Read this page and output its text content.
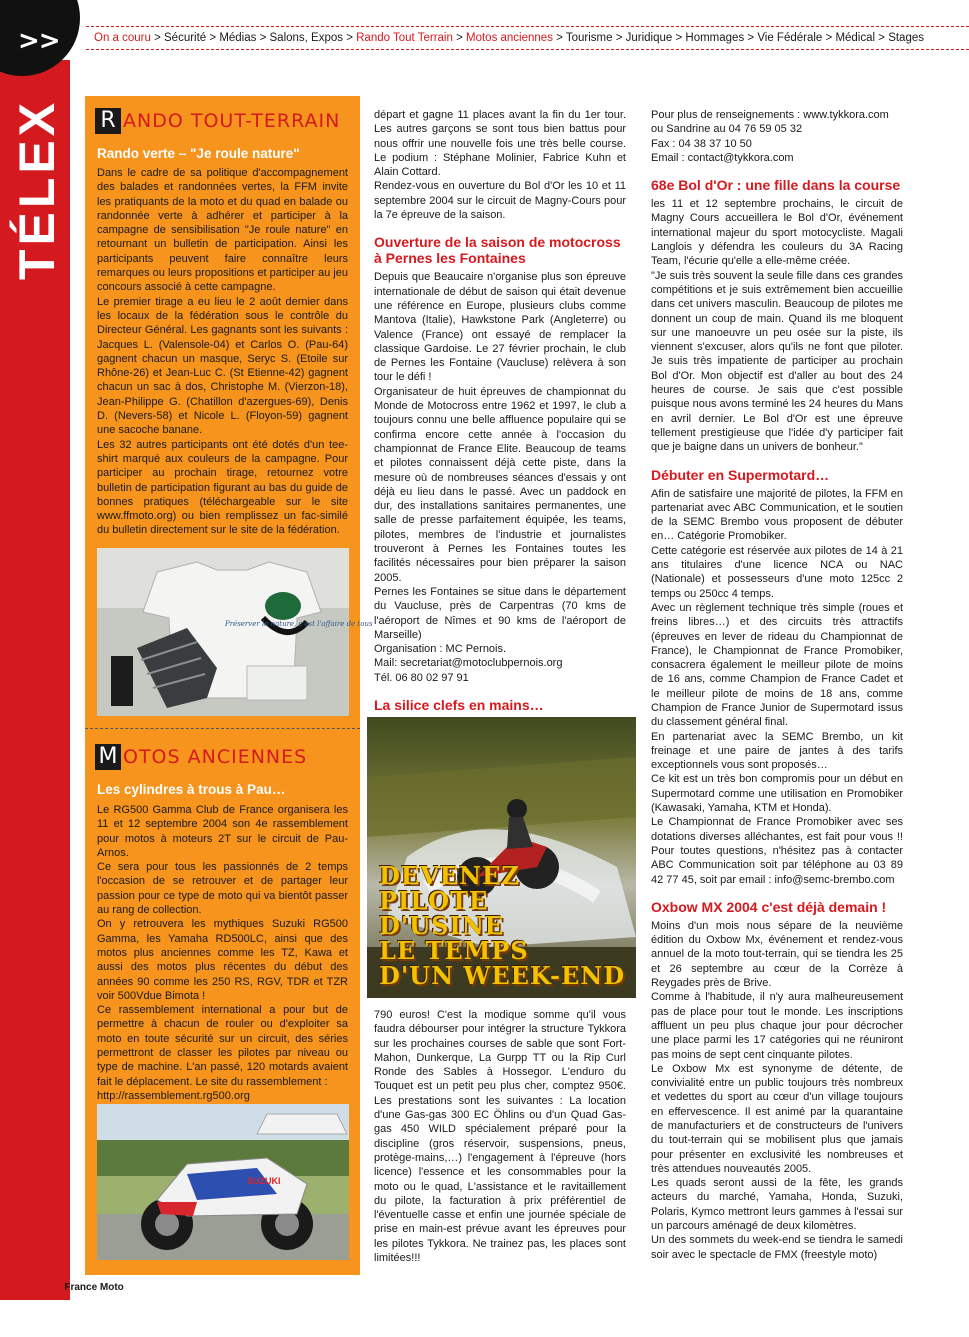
>>
TÉLEX
On a couru > Sécurité > Médias > Salons, Expos > Rando Tout Terrain > Motos anciennes > Tourisme > Juridique > Hommages > Vie Fédérale > Médical > Stages
R ANDO TOUT-TERRAIN
Rando verte – "Je roule nature"

Dans le cadre de sa politique d'accompagnement des balades et randonnées vertes, la FFM invite les pratiquants de la moto et du quad en balade ou randonnée verte à adhérer et participer à la campagne de sensibilisation "Je roule nature" en retournant un bulletin de participation. Ainsi les participants peuvent faire connaître leurs remarques ou leurs propositions et participer au jeu concours associé à cette campagne.

Le premier tirage a eu lieu le 2 août dernier dans les locaux de la fédération sous le contrôle du Directeur Général. Les gagnants sont les suivants : Jacques L. (Valensole-04) et Carlos O. (Pau-64) gagnent chacun un masque, Seryc S. (Etoile sur Rhône-26) et Jean-Luc C. (St Etienne-42) gagnent chacun un sac à dos, Christophe M. (Vierzon-18), Jean-Philippe G. (Chatillon d'azergues-69), Denis D. (Nevers-58) et Nicole L. (Floyon-59) gagnent une sacoche banane.

Les 32 autres participants ont été dotés d'un tee-shirt marqué aux couleurs de la campagne. Pour participer au prochain tirage, retournez votre bulletin de participation figurant au bas du guide de bonnes pratiques (téléchargeable sur le site www.ffmoto.org) ou bien remplissez un fac-similé du bulletin directement sur le site de la fédération.

Préserver la nature, c'est l'affaire de tous
M OTOS ANCIENNES
Les cylindres à trous à Pau…

Le RG500 Gamma Club de France organisera les 11 et 12 septembre 2004 son 4e rassemblement pour motos à moteurs 2T sur le circuit de Pau-Arnos.

Ce sera pour tous les passionnés de 2 temps l'occasion de se retrouver et de partager leur passion pour ce type de moto qui va bientôt passer au rang de collection.

On y retrouvera les mythiques Suzuki RG500 Gamma, les Yamaha RD500LC, ainsi que des motos plus anciennes comme les TZ, Kawa et aussi des motos plus récentes du début des années 90 comme les 250 RS, RGV, TDR et TZR voir 500Vdue Bimota !

Ce rassemblement international a pour but de permettre à chacun de rouler ou d'exploiter sa moto en toute sécurité sur un circuit, des séries permettront de classer les pilotes par niveau ou type de machine. L'an passé, 120 motards avaient fait le déplacement. Le site du rassemblement :

http://rassemblement.rg500.org

SUZUKI

départ et gagne 11 places avant la fin du 1er tour. Les autres garçons se sont tous bien battus pour nous offrir une nouvelle fois une très belle course. Le podium : Stéphane Molinier, Fabrice Kuhn et Alain Cottard.

Rendez-vous en ouverture du Bol d'Or les 10 et 11 septembre 2004 sur le circuit de Magny-Cours pour la 7e épreuve de la saison.

Ouverture de la saison de motocross à Pernes les Fontaines

Depuis que Beaucaire n'organise plus son épreuve internationale de début de saison qui était devenue une référence en Europe, plusieurs clubs comme Mantova (Italie), Hawkstone Park (Angleterre) ou Valence (France) ont essayé de remplacer la classique Gardoise. Le 27 février prochain, le club de Pernes les Fontaine (Vaucluse) relèvera à son tour le défi !

Organisateur de huit épreuves de championnat du Monde de Motocross entre 1962 et 1997, le club a toujours connu une belle affluence populaire qui se confirma encore cette année à l'occasion du championnat de France Elite. Beaucoup de teams et pilotes connaissent déjà cette piste, dans la mesure où de nombreuses séances d'essais y ont déjà eu lieu dans le passé. Avec un paddock en dur, des installations sanitaires permanentes, une salle de presse parfaitement équipée, les teams, pilotes, membres de l'industrie et journalistes trouveront à Pernes les Fontaines toutes les facilités nécessaires pour bien préparer la saison 2005.

Pernes les Fontaines se situe dans le département du Vaucluse, près de Carpentras (70 kms de l'aéroport de Nîmes et 90 kms de l'aéroport de Marseille)

Organisation : MC Pernois.

Mail: secretariat@motoclubpernois.org

Tél. 06 80 02 97 91

La silice clefs en mains…
DEVENEZ
PILOTE
D'USINE
LE TEMPS
D'UN WEEK-END
790 euros! C'est la modique somme qu'il vous faudra débourser pour intégrer la structure Tykkora sur les prochaines courses de sable que sont Fort-Mahon, Dunkerque, La Gurpp TT ou la Rip Curl Ronde des Sables à Hossegor. L'enduro du Touquet est un petit peu plus cher, comptez 950€. Les prestations sont les suivantes : La location d'une Gas-gas 300 EC Öhlins ou d'un Quad Gas-gas 450 WILD spécialement préparé pour la discipline (gros réservoir, suspensions, pneus, protège-mains,…) l'engagement à l'épreuve (hors licence) l'essence et les consommables pour la moto ou le quad, L'assistance et le ravitaillement du pilote, la facturation à prix préférentiel de l'éventuelle casse et enfin une journée spéciale de prise en main-est prévue avant les épreuves pour les pilotes Tykkora. Ne trainez pas, les places sont limitées!!!

Pour plus de renseignements : www.tykkora.com

ou Sandrine au 04 76 59 05 32

Fax : 04 38 37 10 50

Email : contact@tykkora.com

68e Bol d'Or : une fille dans la course

les 11 et 12 septembre prochains, le circuit de Magny Cours accueillera le Bol d'Or, événement international majeur du sport motocycliste. Magali Langlois y défendra les couleurs du 3A Racing Team, l'écurie qu'elle a elle-même créée.

"Je suis très souvent la seule fille dans ces grandes compétitions et je suis extrêmement bien accueillie dans cet univers masculin. Beaucoup de pilotes me donnent un coup de main. Quand ils me bloquent sur une manoeuvre un peu osée sur la piste, ils viennent s'excuser, alors qu'ils ne font que piloter. Je suis très impatiente de participer au prochain Bol d'Or. Mon objectif est d'aller au bout des 24 heures de course. Je sais que c'est possible puisque nous avons terminé les 24 heures du Mans en avril dernier. Le Bol d'Or est une épreuve tellement prestigieuse que l'idée d'y participer fait que je baigne dans un univers de bonheur."

Débuter en Supermotard…

Afin de satisfaire une majorité de pilotes, la FFM en partenariat avec ABC Communication, et le soutien de la SEMC Brembo vous proposent de débuter en… Catégorie Promobiker.

Cette catégorie est réservée aux pilotes de 14 à 21 ans titulaires d'une licence NCA ou NAC (Nationale) et possesseurs d'une moto 125cc 2 temps ou 250cc 4 temps.

Avec un règlement technique très simple (roues et freins libres…) et des circuits très attractifs (épreuves en lever de rideau du Championnat de France), le Championnat de France Promobiker, consacrera également le meilleur pilote de moins de 16 ans, comme Champion de France Cadet et le meilleur pilote de moins de 18 ans, comme Champion de France Junior de Supermotard issus du classement général final.

En partenariat avec la SEMC Brembo, un kit freinage et une paire de jantes à des tarifs exceptionnels vous sont proposés…

Ce kit est un très bon compromis pour un début en Supermotard comme une utilisation en Promobiker (Kawasaki, Yamaha, KTM et Honda).

Le Championnat de France Promobiker avec ses dotations diverses alléchantes, est fait pour vous !! Pour toutes questions, n'hésitez pas à contacter ABC Communication soit par téléphone au 03 89 42 77 45, soit par email : info@semc-brembo.com

Oxbow MX 2004 c'est déjà demain !

Moins d'un mois nous sépare de la neuvième édition du Oxbow Mx, événement et rendez-vous annuel de la moto tout-terrain, qui se tiendra les 25 et 26 septembre au cœur de la Corrèze à Reygades près de Brive.

Comme à l'habitude, il n'y aura malheureusement pas de place pour tout le monde. Les inscriptions affluent un peu plus chaque jour pour décrocher une place parmi les 17 catégories qui ne réuniront pas moins de sept cent cinquante pilotes.

Le Oxbow Mx est synonyme de détente, de convivialité entre un public toujours très nombreux et vedettes du sport au cœur d'un village toujours en effervescence. Il est animé par la quarantaine de manufacturiers et de constructeurs de l'univers du tout-terrain qui se mobilisent plus que jamais pour présenter en exclusivité les nombreuses et très attendues nouveautés 2005.

Les quads seront aussi de la fête, les grands acteurs du marché, Yamaha, Honda, Suzuki, Polaris, Kymco mettront leurs gammes à l'essai sur un parcours aménagé de deux kilomètres.

Un des sommets du week-end se tiendra le samedi soir avec le spectacle de FMX (freestyle moto)

6 France Moto
